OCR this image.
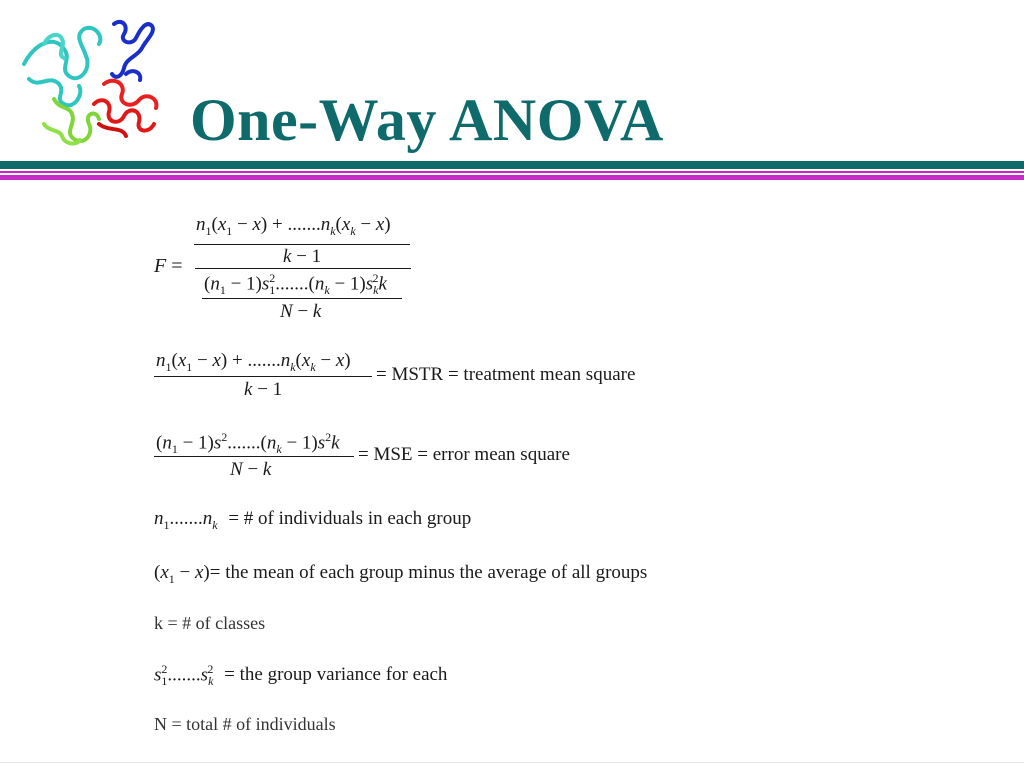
One-Way ANOVA
F =
$n_1(x_1 - x) + .......n_k(x_k - x)$
k − 1
$(n_1 - 1)s_1^2.......(n_k - 1)s_k^2k$
N − k
$n_1(x_1 - x) + .......n_k(x_k - x)$
k − 1
= MSTR = treatment mean square
$(n_1 - 1)s^2.......(n_k - 1)s^2k$
N − k
= MSE = error mean square
$n_1.......n_k$ = # of individuals in each group
$(x_1 - x)=$ the mean of each group minus the average of all groups
k = # of classes
$s_1^2.......s_k^2$ = the group variance for each
N = total # of individuals
